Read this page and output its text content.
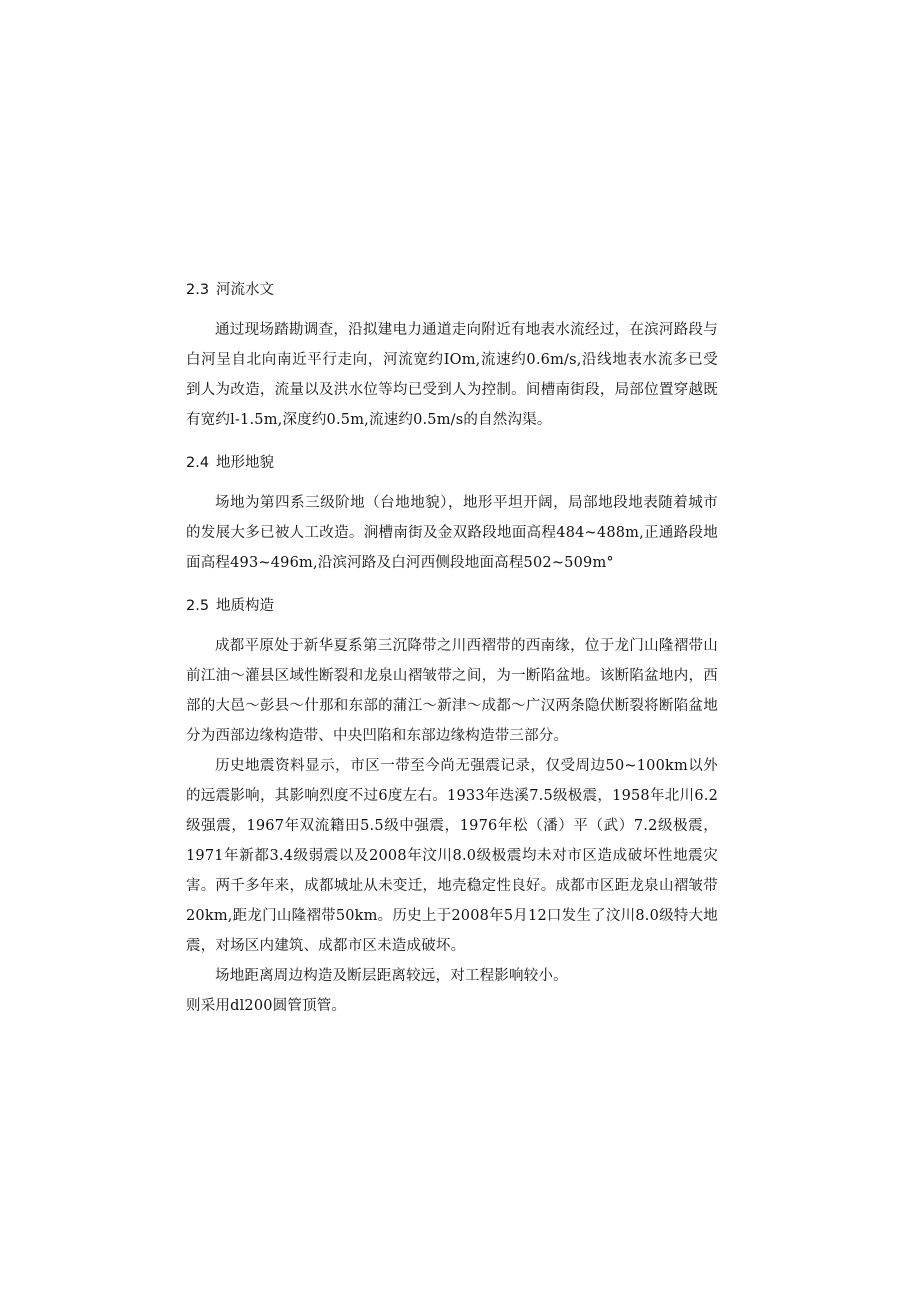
2.3 河流水文

通过现场踏勘调查，沿拟建电力通道走向附近有地表水流经过，在滨河路段与白河呈自北向南近平行走向，河流宽约IOm,流速约0.6m∕s,沿线地表水流多已受到人为改造，流量以及洪水位等均已受到人为控制。间槽南街段，局部位置穿越既有宽约l-1.5m,深度约0.5m,流速约0.5m∕s的自然沟渠。

2.4 地形地貌

场地为第四系三级阶地（台地地貌），地形平坦开阔，局部地段地表随着城市的发展大多已被人工改造。涧槽南街及金双路段地面高程484~488m,正通路段地面高程493~496m,沿滨河路及白河西侧段地面高程502~509m°

2.5 地质构造

成都平原处于新华夏系第三沉降带之川西褶带的西南缘，位于龙门山隆褶带山前江油～灌县区域性断裂和龙泉山褶皱带之间，为一断陷盆地。该断陷盆地内，西部的大邑～彭县～什那和东部的蒲江～新津～成都～广汉两条隐伏断裂将断陷盆地分为西部边缘构造带、中央凹陷和东部边缘构造带三部分。

历史地震资料显示，市区一带至今尚无强震记录，仅受周边50~100km以外的远震影响，其影响烈度不过6度左右。1933年迭溪7.5级极震，1958年北川6.2级强震，1967年双流籍田5.5级中强震，1976年松（潘）平（武）7.2级极震，1971年新都3.4级弱震以及2008年汶川8.0级极震均未对市区造成破坏性地震灾害。两千多年来，成都城址从未变迁，地壳稳定性良好。成都市区距龙泉山褶皱带20km,距龙门山隆褶带50km。历史上于2008年5月12口发生了汶川8.0级特大地震，对场区内建筑、成都市区未造成破坏。

场地距离周边构造及断层距离较远，对工程影响较小。

则采用dl200圆管顶管。
